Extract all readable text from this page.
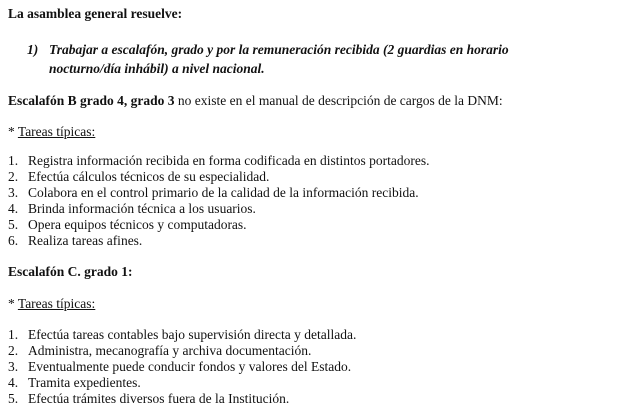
La asamblea general resuelve:
1) Trabajar a escalafón, grado y por la remuneración recibida (2 guardias en horario
nocturno/día inhábil) a nivel nacional.
Escalafón B grado 4, grado 3 no existe en el manual de descripción de cargos de la DNM:
* Tareas típicas:
1. Registra información recibida en forma codificada en distintos portadores.
2. Efectúa cálculos técnicos de su especialidad.
3. Colabora en el control primario de la calidad de la información recibida.
4. Brinda información técnica a los usuarios.
5. Opera equipos técnicos y computadoras.
6. Realiza tareas afines.
Escalafón C. grado 1:
* Tareas típicas:
1. Efectúa tareas contables bajo supervisión directa y detallada.
2. Administra, mecanografía y archiva documentación.
3. Eventualmente puede conducir fondos y valores del Estado.
4. Tramita expedientes.
5. Efectúa trámites diversos fuera de la Institución.
